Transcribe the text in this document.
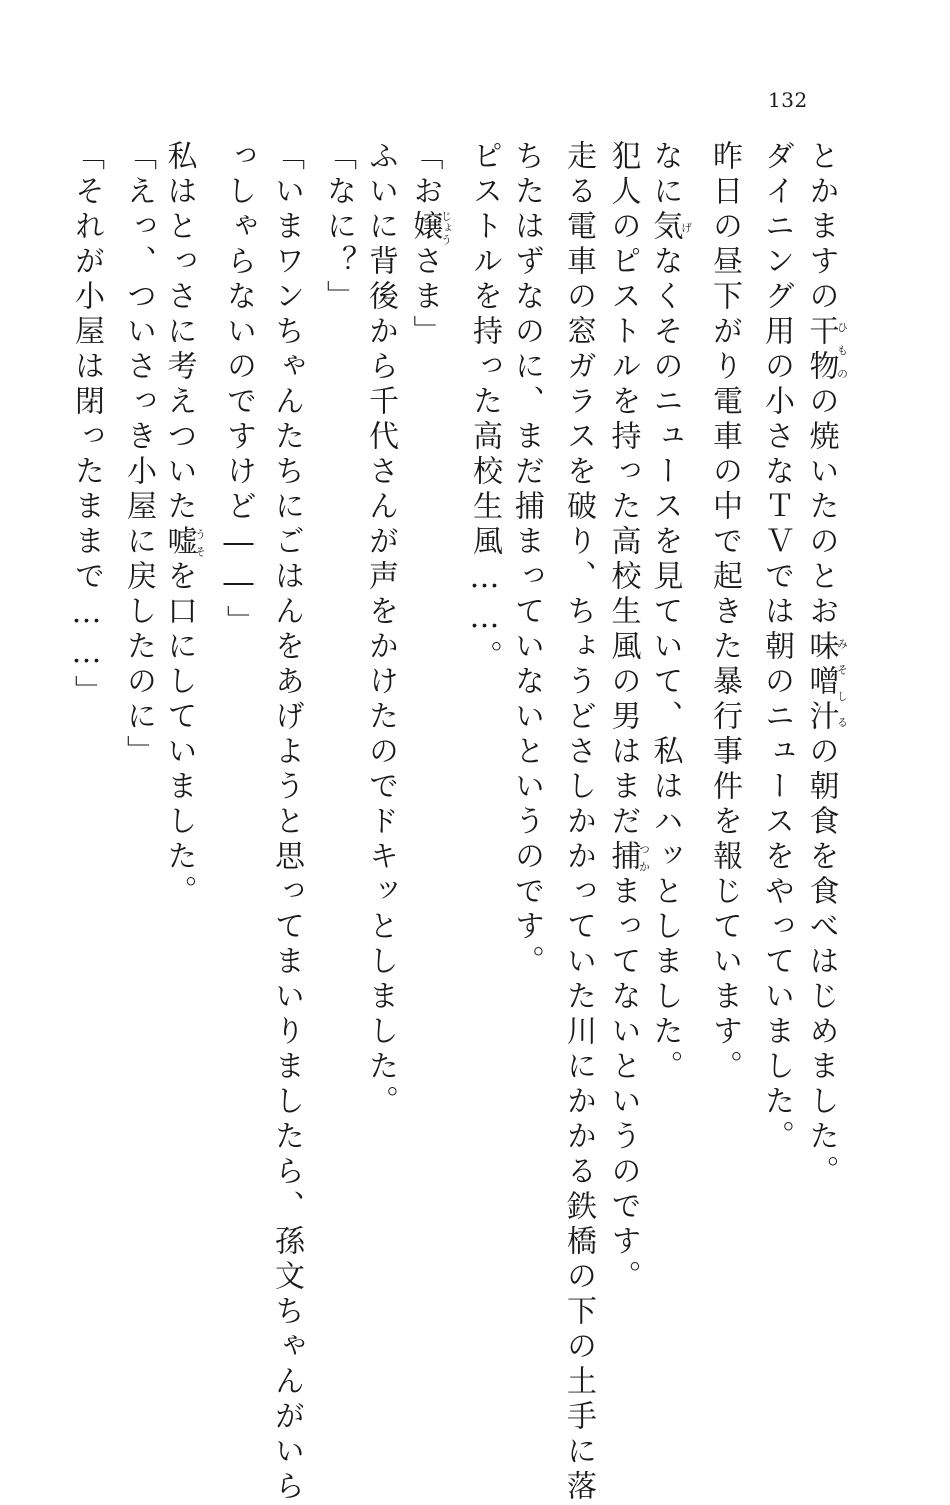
132
とかますの干物ひものの焼いたのとお味噌汁みそしるの朝食を食べはじめました。
ダイニング用の小さなＴＶでは朝のニュースをやっていました。
昨日の昼下がり電車の中で起きた暴行事件を報じています。
なに気げなくそのニュースを見ていて、私はハッとしました。
犯人のピストルを持った高校生風の男はまだ捕つかまってないというのです。
走る電車の窓ガラスを破り、ちょうどさしかかっていた川にかかる鉄橋の下の土手に落
ちたはずなのに、まだ捕まっていないというのです。
ピストルを持った高校生風……。
「お嬢じょうさま」
ふいに背後から千代さんが声をかけたのでドキッとしました。
「なに？」
「いまワンちゃんたちにごはんをあげようと思ってまいりましたら、孫文ちゃんがいら
っしゃらないのですけど――」
私はとっさに考えついた嘘うそを口にしていました。
「えっ、ついさっき小屋に戻したのに」
「それが小屋は閉ったままで……」
